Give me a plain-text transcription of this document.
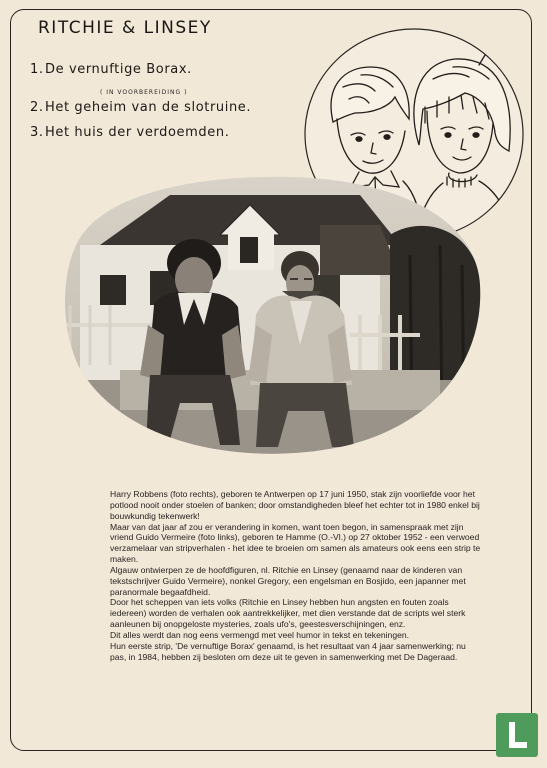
RITCHIE & LINSEY
1.De vernuftige Borax.
( IN VOORBEREIDING )
2.Het geheim van de slotruine.
3.Het huis der verdoemden.

Harry Robbens (foto rechts), geboren te Antwerpen op 17 juni 1950, stak zijn voorliefde voor het potlood nooit onder stoelen of banken; door omstandigheden bleef het echter tot in 1980 enkel bij bouwkundig tekenwerk!

Maar van dat jaar af zou er verandering in komen, want toen begon, in samenspraak met zijn vriend Guido Vermeire (foto links), geboren te Hamme (O.-Vl.) op 27 oktober 1952 - een verwoed verzamelaar van stripverhalen - het idee te broeien om samen als amateurs ook eens een strip te maken.

Algauw ontwierpen ze de hoofdfiguren, nl. Ritchie en Linsey (genaamd naar de kinderen van tekstschrijver Guido Vermeire), nonkel Gregory, een engelsman en Bosjido, een japanner met paranormale begaafdheid.

Door het scheppen van iets volks (Ritchie en Linsey hebben hun angsten en fouten zoals iedereen) worden de verhalen ook aantrekkelijker, met dien verstande dat de scripts wel sterk aanleunen bij onopgeloste mysteries, zoals ufo's, geestesverschijningen, enz.

Dit alles werdt dan nog eens vermengd met veel humor in tekst en tekeningen.

Hun eerste strip, 'De vernuftige Borax' genaamd, is het resultaat van 4 jaar samenwerking; nu pas, in 1984, hebben zij besloten om deze uit te geven in samenwerking met De Dageraad.
